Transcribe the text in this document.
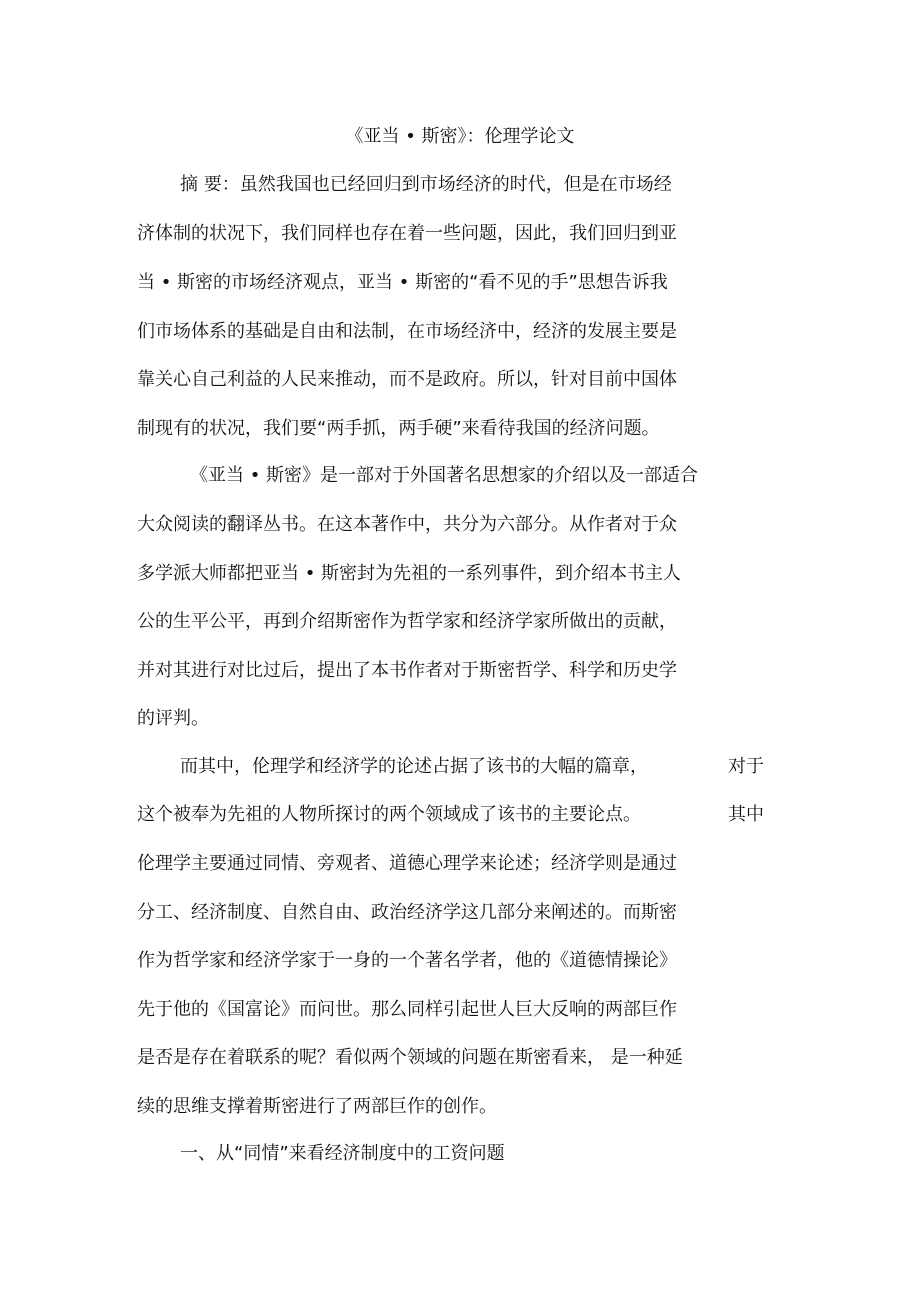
《亚当 • 斯密》：伦理学论文
摘 要：虽然我国也已经回归到市场经济的时代，但是在市场经
济体制的状况下，我们同样也存在着一些问题，因此，我们回归到亚
当 • 斯密的市场经济观点，亚当 • 斯密的“看不见的手”思想告诉我
们市场体系的基础是自由和法制，在市场经济中，经济的发展主要是
靠关心自己利益的人民来推动，而不是政府。所以，针对目前中国体
制现有的状况，我们要“两手抓，两手硬”来看待我国的经济问题。
《亚当 • 斯密》是一部对于外国著名思想家的介绍以及一部适合
大众阅读的翻译丛书。在这本著作中，共分为六部分。从作者对于众
多学派大师都把亚当 • 斯密封为先祖的一系列事件，到介绍本书主人
公的生平公平，再到介绍斯密作为哲学家和经济学家所做出的贡献，
并对其进行对比过后，提出了本书作者对于斯密哲学、科学和历史学
的评判。
而其中，伦理学和经济学的论述占据了该书的大幅的篇章，	对于
这个被奉为先祖的人物所探讨的两个领域成了该书的主要论点。	其中
伦理学主要通过同情、旁观者、道德心理学来论述；经济学则是通过
分工、经济制度、自然自由、政治经济学这几部分来阐述的。而斯密
作为哲学家和经济学家于一身的一个著名学者，他的《道德情操论》
先于他的《国富论》而问世。那么同样引起世人巨大反响的两部巨作
是否是存在着联系的呢？看似两个领域的问题在斯密看来， 是一种延
续的思维支撑着斯密进行了两部巨作的创作。
一、从“同情”来看经济制度中的工资问题
